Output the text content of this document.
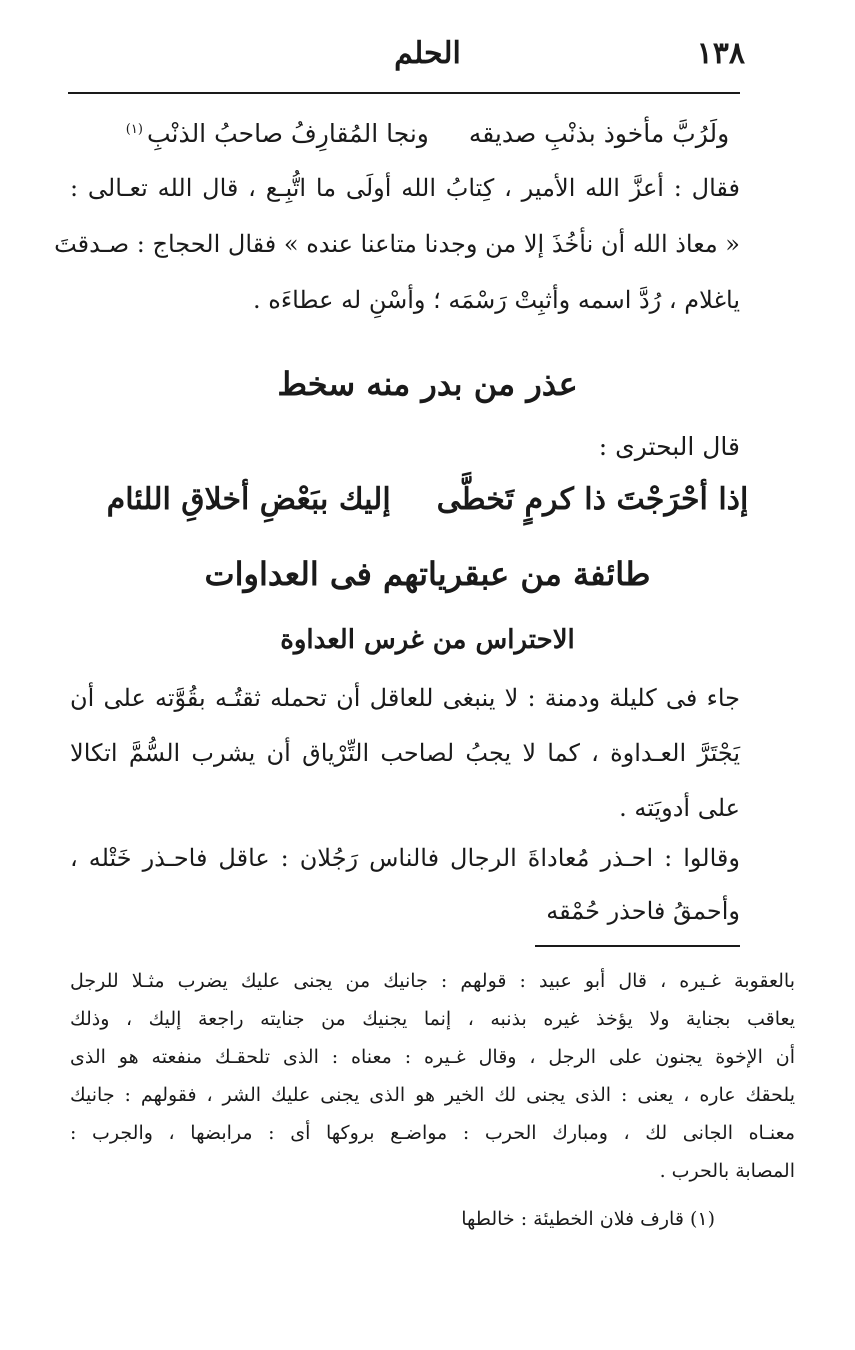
١٣٨
الحلم
ولَرُبَّ مأخوذ بذنْبِ صديقه
ونجا المُقارِفُ صاحبُ الذنْبِ$^{(١)}$
فقال : أعزَّ الله الأمير ، كِتابُ الله أولَى ما اتُّبِـع ، قال الله تعـالى :
« معاذ الله أن نأخُذَ إلا من وجدنا متاعنا عنده » فقال الحجاج : صـدقتَ
ياغلام ، رُدَّ اسمه وأثبِتْ رَسْمَه ؛ وأسْنِ له عطاءَه .
عذر من بدر منه سخط
قال البحترى :
إذا أحْرَجْتَ ذا كرمٍ تَخطَّى
إليك ببَعْضِ أخلاقِ اللئام
طائفة من عبقرياتهم فى العداوات
الاحتراس من غرس العداوة
جاء فى كليلة ودمنة : لا ينبغى للعاقل أن تحمله ثقتُـه بقُوَّته على أن
يَجْتَرَّ العـداوة ، كما لا يجبُ لصاحب التِّرْياق أن يشرب السُّمَّ اتكالا
على أدويَته .
وقالوا : احـذر مُعاداةَ الرجال فالناس رَجُلان : عاقل فاحـذر خَتْله ،
وأحمقُ فاحذر حُمْقه
بالعقوبة غـيره ، قال أبو عبيد : قولهم : جانيك من يجنى عليك يضرب مثـلا للرجل
يعاقب بجناية ولا يؤخذ غيره بذنبه ، إنما يجنيك من جنايته راجعة إليك ، وذلك
أن الإخوة يجنون على الرجل ، وقال غـيره : معناه : الذى تلحقـك منفعته هو الذى
يلحقك عاره ، يعنى : الذى يجنى لك الخير هو الذى يجنى عليك الشر ، فقولهم : جانيك
معنـاه الجانى لك ، ومبارك الحرب : مواضـع بروكها أى : مرابضها ، والجرب :
المصابة بالحرب .
(١) قارف فلان الخطيئة : خالطها
